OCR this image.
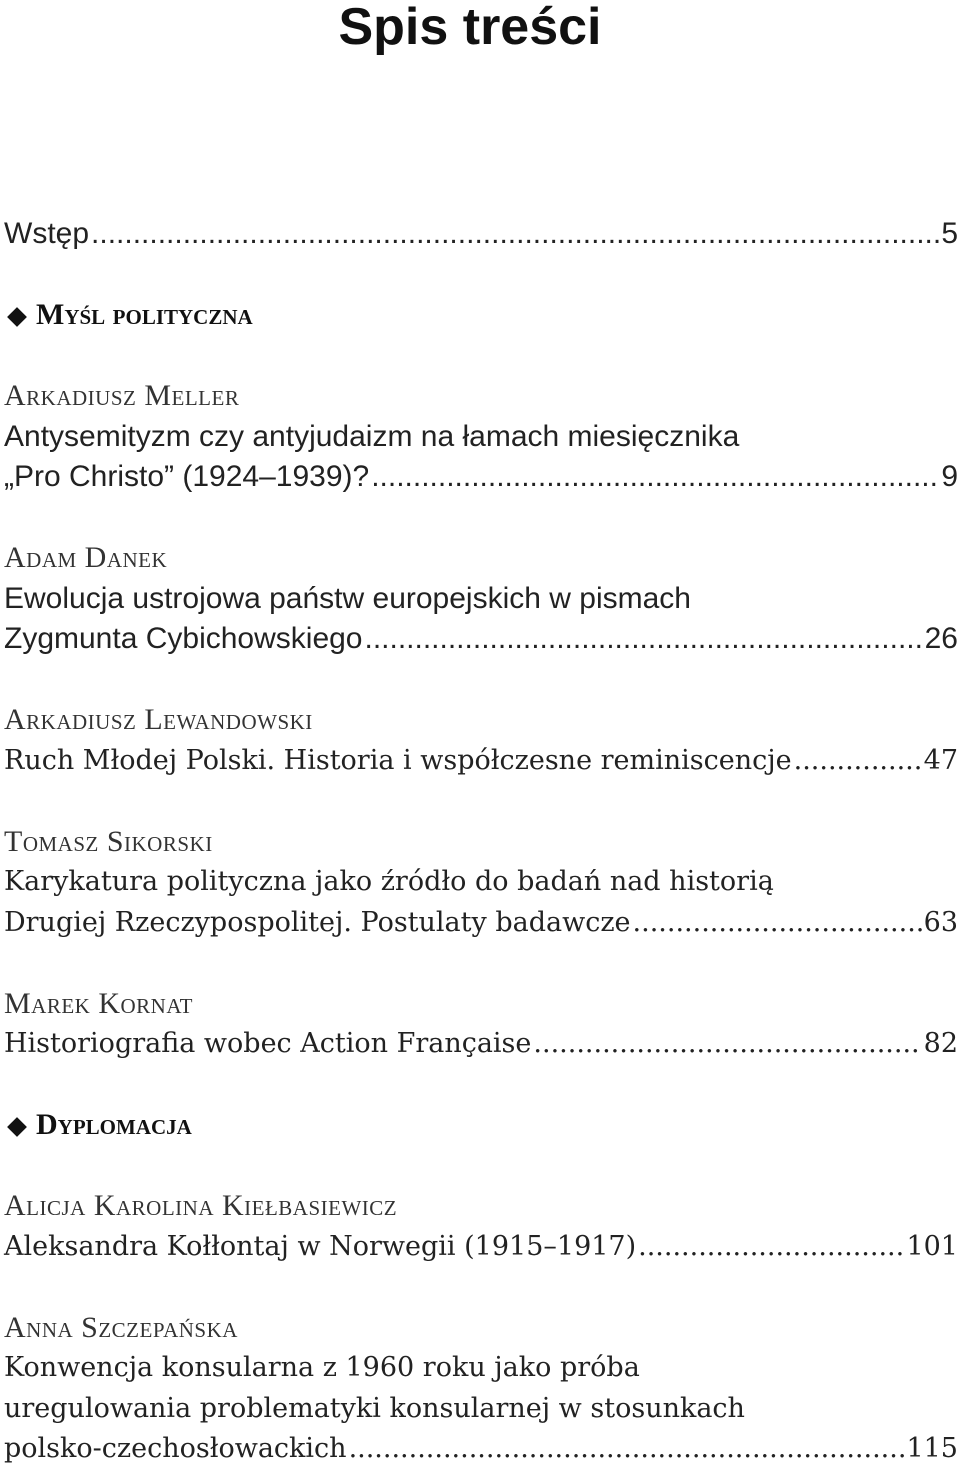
Spis treści
Wstęp .....	5
Myśl polityczna
Arkadiusz Meller
Antysemityzm czy antyjudaizm na łamach miesięcznika
„Pro Christo” (1924–1939)? .....	9
Adam Danek
Ewolucja ustrojowa państw europejskich w pismach
Zygmunta Cybichowskiego .....	26
Arkadiusz Lewandowski
Ruch Młodej Polski. Historia i współczesne reminiscencje .....	47
Tomasz Sikorski
Karykatura polityczna jako źródło do badań nad historią
Drugiej Rzeczypospolitej. Postulaty badawcze .....	63
Marek Kornat
Historiografia wobec Action Française .....	82
Dyplomacja
Alicja Karolina Kiełbasiewicz
Aleksandra Kołłontaj w Norwegii (1915–1917) .....	101
Anna Szczepańska
Konwencja konsularna z 1960 roku jako próba
uregulowania problematyki konsularnej w stosunkach
polsko-czechosłowackich .....	115
